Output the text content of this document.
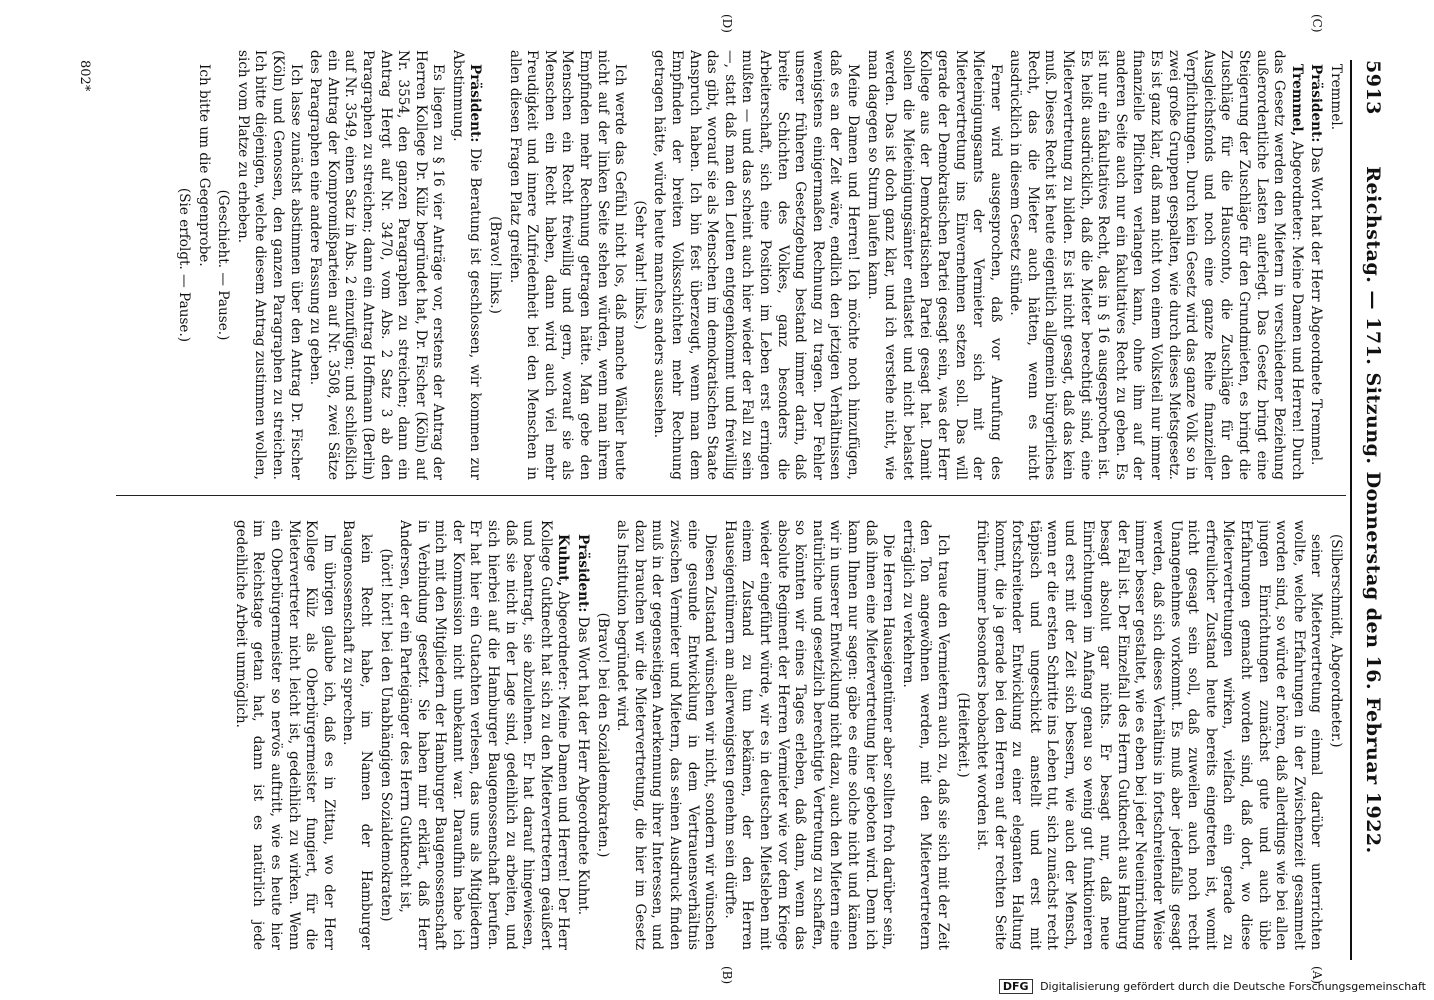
5913
Reichstag. — 171. Sitzung. Donnerstag den 16. Februar 1922.
(C)
(D)
(A)
(B)

Tremmel.

Präsident: Das Wort hat der Herr Abgeordnete Tremmel.

Tremmel, Abgeordneter: Meine Damen und Herren! Durch das Gesetz werden den Mietern in verschiedener Beziehung außerordentliche Lasten auferlegt. Das Gesetz bringt eine Steigerung der Zuschläge für den Grundmieten, es bringt die Zuschläge für die Hausconto, die Zuschläge für den Ausgleichsfonds und noch eine ganze Reihe finanzieller Verpflichtungen. Durch kein Gesetz wird das ganze Volk so in zwei große Gruppen gespalten, wie durch dieses Mietsgesetz. Es ist ganz klar, daß man nicht von einem Volksteil nur immer finanzielle Pflichten verlangen kann, ohne ihm auf der anderen Seite auch nur ein fakultatives Recht zu geben. Es ist nur ein fakultatives Recht, das in § 16 ausgesprochen ist. Es heißt ausdrücklich, daß die Mieter berechtigt sind, eine Mietervertretung zu bilden. Es ist nicht gesagt, daß das kein muß. Dieses Recht ist heute eigentlich allgemein bürgerliches Recht, das die Mieter auch hätten, wenn es nicht ausdrücklich in diesem Gesetz stünde.

Ferner wird ausgesprochen, daß vor Anrufung des Mieteinigungsamts der Vermieter sich mit der Mietervertretung ins Einvernehmen setzen soll. Das will gerade der Demokratischen Partei gesagt sein, was der Herr Kollege aus der Demokratischen Partei gesagt hat. Damit sollen die Mieteinigungsämter entlastet und nicht belastet werden. Das ist doch ganz klar, und ich verstehe nicht, wie man dagegen so Sturm laufen kann.

Meine Damen und Herren! Ich möchte noch hinzufügen, daß es an der Zeit wäre, endlich den jetzigen Verhältnissen wenigstens einigermaßen Rechnung zu tragen. Der Fehler unserer früheren Gesetzgebung bestand immer darin, daß breite Schichten des Volkes, ganz besonders die Arbeiterschaft, sich eine Position im Leben erst erringen mußten — und das scheint auch hier wieder der Fall zu sein —, statt daß man den Leuten entgegenkommt und freiwillig das gibt, worauf sie als Menschen im demokratischen Staate Anspruch haben. Ich bin fest überzeugt, wenn man dem Empfinden der breiten Volksschichten mehr Rechnung getragen hätte, würde heute manches anders aussehen.

(Sehr wahr! links.)

Ich werde das Gefühl nicht los, daß manche Wähler heute nicht auf der linken Seite stehen würden, wenn man ihrem Empfinden mehr Rechnung getragen hätte. Man gebe den Menschen ein Recht freiwillig und gern, worauf sie als Menschen ein Recht haben, dann wird auch viel mehr Freudigkeit und innere Zufriedenheit bei den Menschen in allen diesen Fragen Platz greifen.

(Bravo! links.)

Präsident: Die Beratung ist geschlossen, wir kommen zur Abstimmung.

Es liegen zu § 16 vier Anträge vor, erstens der Antrag der Herren Kollege Dr. Külz begründet hat, Dr. Fischer (Köln) auf Nr. 3554, den ganzen Paragraphen zu streichen; dann ein Antrag Hergt auf Nr. 3470, vom Abs. 2 Satz 3 ab den Paragraphen zu streichen; dann ein Antrag Hoffmann (Berlin) auf Nr. 3549, einen Satz in Abs. 2 einzufügen; und schließlich ein Antrag der Kompromißparteien auf Nr. 3508, zwei Sätze des Paragraphen eine andere Fassung zu geben.

Ich lasse zunächst abstimmen über den Antrag Dr. Fischer (Köln) und Genossen, den ganzen Paragraphen zu streichen. Ich bitte diejenigen, welche diesem Antrag zustimmen wollen, sich vom Platze zu erheben.

(Geschieht. — Pause.)

Ich bitte um die Gegenprobe.

(Sie erfolgt. — Pause.)

(Silberschmidt, Abgeordneter.)

seiner Mietervertretung einmal darüber unterrichten wollte, welche Erfahrungen in der Zwischenzeit gesammelt worden sind, so würde er hören, daß allerdings wie bei allen jungen Einrichtungen zunächst gute und auch üble Erfahrungen gemacht worden sind, daß dort, wo diese Mietervertretungen wirken, vielfach ein gerade zu erfreulicher Zustand heute bereits eingetreten ist, womit nicht gesagt sein soll, daß zuweilen auch noch recht Unangenehmes vorkommt. Es muß aber jedenfalls gesagt werden, daß sich dieses Verhältnis in fortschreitender Weise immer besser gestaltet, wie es eben bei jeder Neueinrichtung der Fall ist. Der Einzelfall des Herrn Gutknecht aus Hamburg besagt absolut gar nichts. Er besagt nur, daß neue Einrichtungen im Anfang genau so wenig gut funktionieren und erst mit der Zeit sich bessern, wie auch der Mensch, wenn er die ersten Schritte ins Leben tut, sich zunächst recht täppisch und ungeschickt anstellt und erst mit fortschreitender Entwicklung zu einer eleganten Haltung kommt, die ja gerade bei den Herren auf der rechten Seite früher immer besonders beobachtet worden ist.

(Heiterkeit.)

Ich traue den Vermietern auch zu, daß sie sich mit der Zeit den Ton angewöhnen werden, mit den Mietervertretern erträglich zu verkehren.

Die Herren Hauseigentümer aber sollten froh darüber sein, daß ihnen eine Mietervertretung hier geboten wird. Denn ich kann Ihnen nur sagen: gäbe es eine solche nicht und kämen wir in unserer Entwicklung nicht dazu, auch den Mietern eine natürliche und gesetzlich berechtigte Vertretung zu schaffen, so könnten wir eines Tages erleben, daß dann, wenn das absolute Regiment der Herren Vermieter wie vor dem Kriege wieder eingeführt würde, wir es in deutschen Mietsleben mit einem Zustand zu tun bekämen, der den Herren Hauseigentümern am allerwenigsten genehm sein dürfte.

Diesen Zustand wünschen wir nicht, sondern wir wünschen eine gesunde Entwicklung in dem Vertrauensverhältnis zwischen Vermieter und Mietern, das seinen Ausdruck finden muß in der gegenseitigen Anerkennung ihrer Interessen, und dazu brauchen wir die Mietervertretung, die hier im Gesetz als Institution begründet wird.

(Bravo! bei den Sozialdemokraten.)

Präsident: Das Wort hat der Herr Abgeordnete Kuhnt.

Kuhnt, Abgeordneter: Meine Damen und Herren! Der Herr Kollege Gutknecht hat sich zu den Mietervertretern geäußert und beantragt, sie abzulehnen. Er hat darauf hingewiesen, daß sie nicht in der Lage sind, gedeihlich zu arbeiten, und sich hierbei auf die Hamburger Baugenossenschaft berufen. Er hat hier ein Gutachten verlesen, das uns als Mitgliedern der Kommission nicht unbekannt war. Daraufhin habe ich mich mit den Mitgliedern der Hamburger Baugenossenschaft in Verbindung gesetzt. Sie haben mir erklärt, daß Herr Andersen, der ein Parteigänger des Herrn Gutknecht ist,

(hört! hört! bei den Unabhängigen Sozialdemokraten)

kein Recht habe, im Namen der Hamburger Baugenossenschaft zu sprechen.

Im übrigen glaube ich, daß es in Zittau, wo der Herr Kollege Külz als Oberbürgermeister fungiert, für die Mietervertreter nicht leicht ist, gedeihlich zu wirken. Wenn ein Oberbürgermeister so nervös auftritt, wie es heute hier im Reichstage getan hat, dann ist es natürlich jede gedeihliche Arbeit unmöglich.

802*
DFG Digitalisierung gefördert durch die Deutsche Forschungsgemeinschaft
